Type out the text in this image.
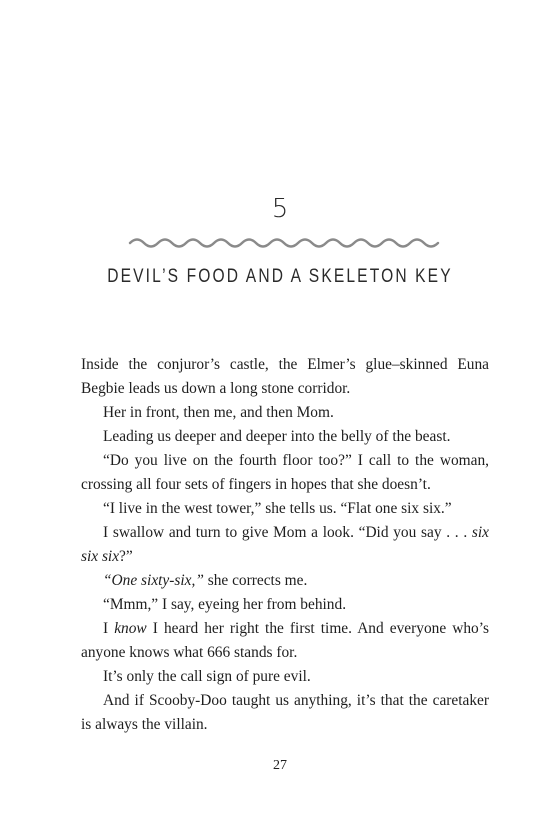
5
DEVIL’S FOOD AND A SKELETON KEY

Inside the conjuror’s castle, the Elmer’s glue–skinned Euna Begbie leads us down a long stone corridor.

Her in front, then me, and then Mom.

Leading us deeper and deeper into the belly of the beast.

“Do you live on the fourth floor too?” I call to the woman, crossing all four sets of fingers in hopes that she doesn’t.

“I live in the west tower,” she tells us. “Flat one six six.”

I swallow and turn to give Mom a look. “Did you say . . . six six six?”

“One sixty-six,” she corrects me.

“Mmm,” I say, eyeing her from behind.

I know I heard her right the first time. And everyone who’s anyone knows what 666 stands for.

It’s only the call sign of pure evil.

And if Scooby-Doo taught us anything, it’s that the caretaker is always the villain.

27
